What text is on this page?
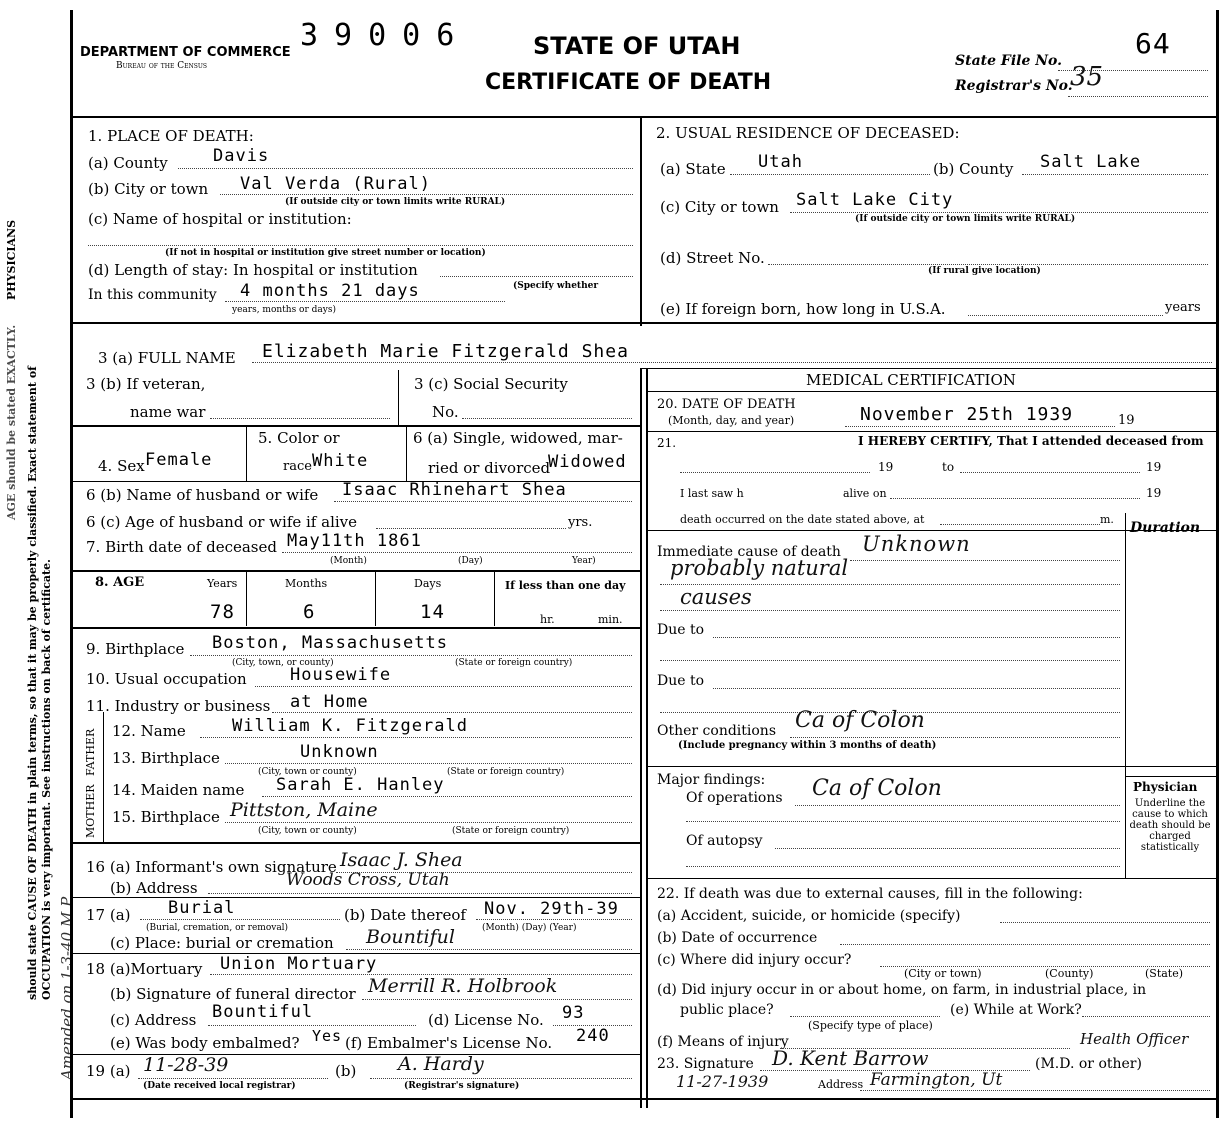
should state CAUSE OF DEATH in plain terms, so that it may be properly classified. Exact statement of OCCUPATION is very important. See instructions on back of certificate.
PHYSICIANS
AGE should be stated EXACTLY.
Amended on 1-3-40 M.P.
DEPARTMENT OF COMMERCE
Bureau of the Census
39006	STATE OF UTAH
CERTIFICATE OF DEATH
State File No.
64
Registrar's No.
35
1. PLACE OF DEATH:
(a) County	Davis
(b) City or town Val Verda (Rural)
(If outside city or town limits write RURAL)
(c) Name of hospital or institution:
(If not in hospital or institution give street number or location)
(d) Length of stay: In hospital or institution
In this community 4 months 21 days	(Specify whether
years, months or days)
2. USUAL RESIDENCE OF DECEASED:
(a) State Utah	(b) County Salt Lake
(c) City or town Salt Lake City
(If outside city or town limits write RURAL)
(d) Street No.
(If rural give location)
(e) If foreign born, how long in U.S.A.	years
3 (a) FULL NAME Elizabeth Marie Fitzgerald Shea
MEDICAL CERTIFICATION
3 (b) If veteran,
name war
3 (c) Social Security
No.
4. Sex Female
5. Color or
race White
6 (a) Single, widowed, mar-
ried or divorced
Widowed
6 (b) Name of husband or wife Isaac Rhinehart Shea
6 (c) Age of husband or wife if alive	yrs.
7. Birth date of deceased May11th 1861
(Month)	(Day)	Year)
8. AGE	Years	Months	Days	If less than one day
78	6	14	hr.	min.
9. Birthplace Boston, Massachusetts
(City, town, or county)	(State or foreign country)
10. Usual occupation	Housewife
11. Industry or business at Home
FATHER
MOTHER
12. Name	William K. Fitzgerald
13. Birthplace	Unknown
(City, town or county)	(State or foreign country)
14. Maiden name Sarah E. Hanley
15. Birthplace Pittston, Maine
(City, town or county)	(State or foreign country)
16 (a) Informant's own signature Isaac J. Shea
(b) Address	Woods Cross, Utah
17 (a) Burial
(Burial, cremation, or removal)
(b) Date thereof Nov. 29th-39
(Month) (Day) (Year)
(c) Place: burial or cremation Bountiful
18 (a)Mortuary Union Mortuary
(b) Signature of funeral director Merrill R. Holbrook
(c) Address Bountiful	(d) License No. 93
(e) Was body embalmed? Yes (f) Embalmer's License No. 240
19 (a) 11-28-39
(Date received local registrar)
(b) A. Hardy
(Registrar's signature)
20. DATE OF DEATH
(Month, day, and year)	November 25th 1939	19
21.	I HEREBY CERTIFY, That I attended deceased from
19	to	19
I last saw h	alive on	19
death occurred on the date stated above, at	m.
Duration
Immediate cause of death Unknown
probably natural
causes
Due to
Due to
Other conditions Ca of Colon
(Include pregnancy within 3 months of death)
Major findings:
Of operations Ca of Colon
Of autopsy
Physician
Underline the cause to which death should be charged statistically
22. If death was due to external causes, fill in the following:
(a) Accident, suicide, or homicide (specify)
(b) Date of occurrence
(c) Where did injury occur?
(City or town)	(County)	(State)
(d) Did injury occur in or about home, on farm, in industrial place, in
public place?
(Specify type of place)
(e) While at Work?
(f) Means of injury	Health Officer
23. Signature D. Kent Barrow	(M.D. or other)
11-27-1939	Address Farmington, Ut
